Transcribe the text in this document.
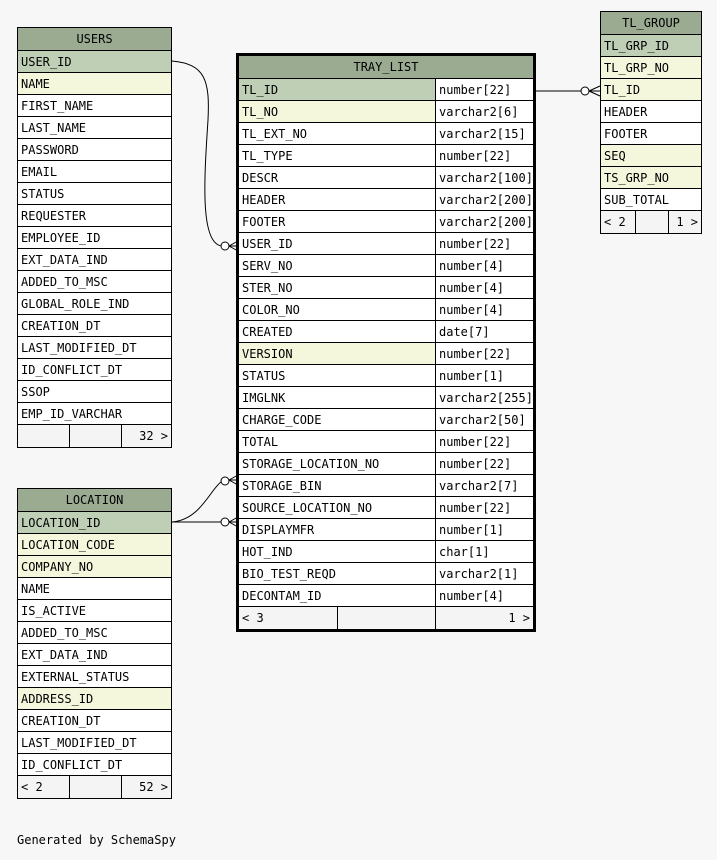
USERS
USER_ID
NAME
FIRST_NAME
LAST_NAME
PASSWORD
EMAIL
STATUS
REQUESTER
EMPLOYEE_ID
EXT_DATA_IND
ADDED_TO_MSC
GLOBAL_ROLE_IND
CREATION_DT
LAST_MODIFIED_DT
ID_CONFLICT_DT
SSOP
EMP_ID_VARCHAR
32 >
LOCATION
LOCATION_ID
LOCATION_CODE
COMPANY_NO
NAME
IS_ACTIVE
ADDED_TO_MSC
EXT_DATA_IND
EXTERNAL_STATUS
ADDRESS_ID
CREATION_DT
LAST_MODIFIED_DT
ID_CONFLICT_DT
< 2	52 >
TRAY_LIST
TL_ID	number[22]
TL_NO	varchar2[6]
TL_EXT_NO	varchar2[15]
TL_TYPE	number[22]
DESCR	varchar2[100]
HEADER	varchar2[200]
FOOTER	varchar2[200]
USER_ID	number[22]
SERV_NO	number[4]
STER_NO	number[4]
COLOR_NO	number[4]
CREATED	date[7]
VERSION	number[22]
STATUS	number[1]
IMGLNK	varchar2[255]
CHARGE_CODE	varchar2[50]
TOTAL	number[22]
STORAGE_LOCATION_NO	number[22]
STORAGE_BIN	varchar2[7]
SOURCE_LOCATION_NO	number[22]
DISPLAYMFR	number[1]
HOT_IND	char[1]
BIO_TEST_REQD	varchar2[1]
DECONTAM_ID	number[4]
< 3	1 >
TL_GROUP
TL_GRP_ID
TL_GRP_NO
TL_ID
HEADER
FOOTER
SEQ
TS_GRP_NO
SUB_TOTAL
< 2	1 >
Generated by SchemaSpy
